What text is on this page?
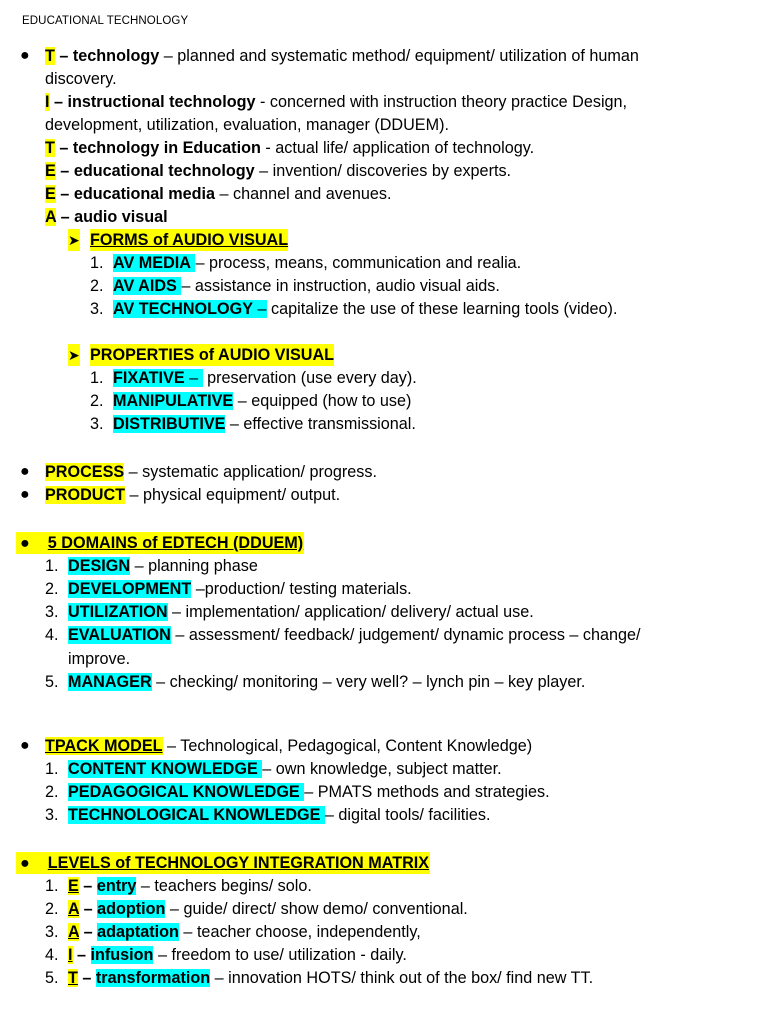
EDUCATIONAL TECHNOLOGY
● T – technology – planned and systematic method/ equipment/ utilization of human
discovery.
I – instructional technology - concerned with instruction theory practice Design,
development, utilization, evaluation, manager (DDUEM).
T – technology in Education - actual life/ application of technology.
E – educational technology – invention/ discoveries by experts.
E – educational media – channel and avenues.
A – audio visual
➤ FORMS of AUDIO VISUAL
1. AV MEDIA – process, means, communication and realia.
2. AV AIDS – assistance in instruction, audio visual aids.
3. AV TECHNOLOGY – capitalize the use of these learning tools (video).
➤ PROPERTIES of AUDIO VISUAL
1. FIXATIVE –  preservation (use every day).
2. MANIPULATIVE – equipped (how to use)
3. DISTRIBUTIVE – effective transmissional.
● PROCESS – systematic application/ progress.
● PRODUCT – physical equipment/ output.
● 5 DOMAINS of EDTECH (DDUEM)
1. DESIGN – planning phase
2. DEVELOPMENT –production/ testing materials.
3. UTILIZATION – implementation/ application/ delivery/ actual use.
4. EVALUATION – assessment/ feedback/ judgement/ dynamic process – change/
improve.
5. MANAGER – checking/ monitoring – very well? – lynch pin – key player.
● TPACK MODEL – Technological, Pedagogical, Content Knowledge)
1. CONTENT KNOWLEDGE – own knowledge, subject matter.
2. PEDAGOGICAL KNOWLEDGE – PMATS methods and strategies.
3. TECHNOLOGICAL KNOWLEDGE – digital tools/ facilities.
● LEVELS of TECHNOLOGY INTEGRATION MATRIX
1. E – entry – teachers begins/ solo.
2. A – adoption – guide/ direct/ show demo/ conventional.
3. A – adaptation – teacher choose, independently,
4. I – infusion – freedom to use/ utilization - daily.
5. T – transformation – innovation HOTS/ think out of the box/ find new TT.
